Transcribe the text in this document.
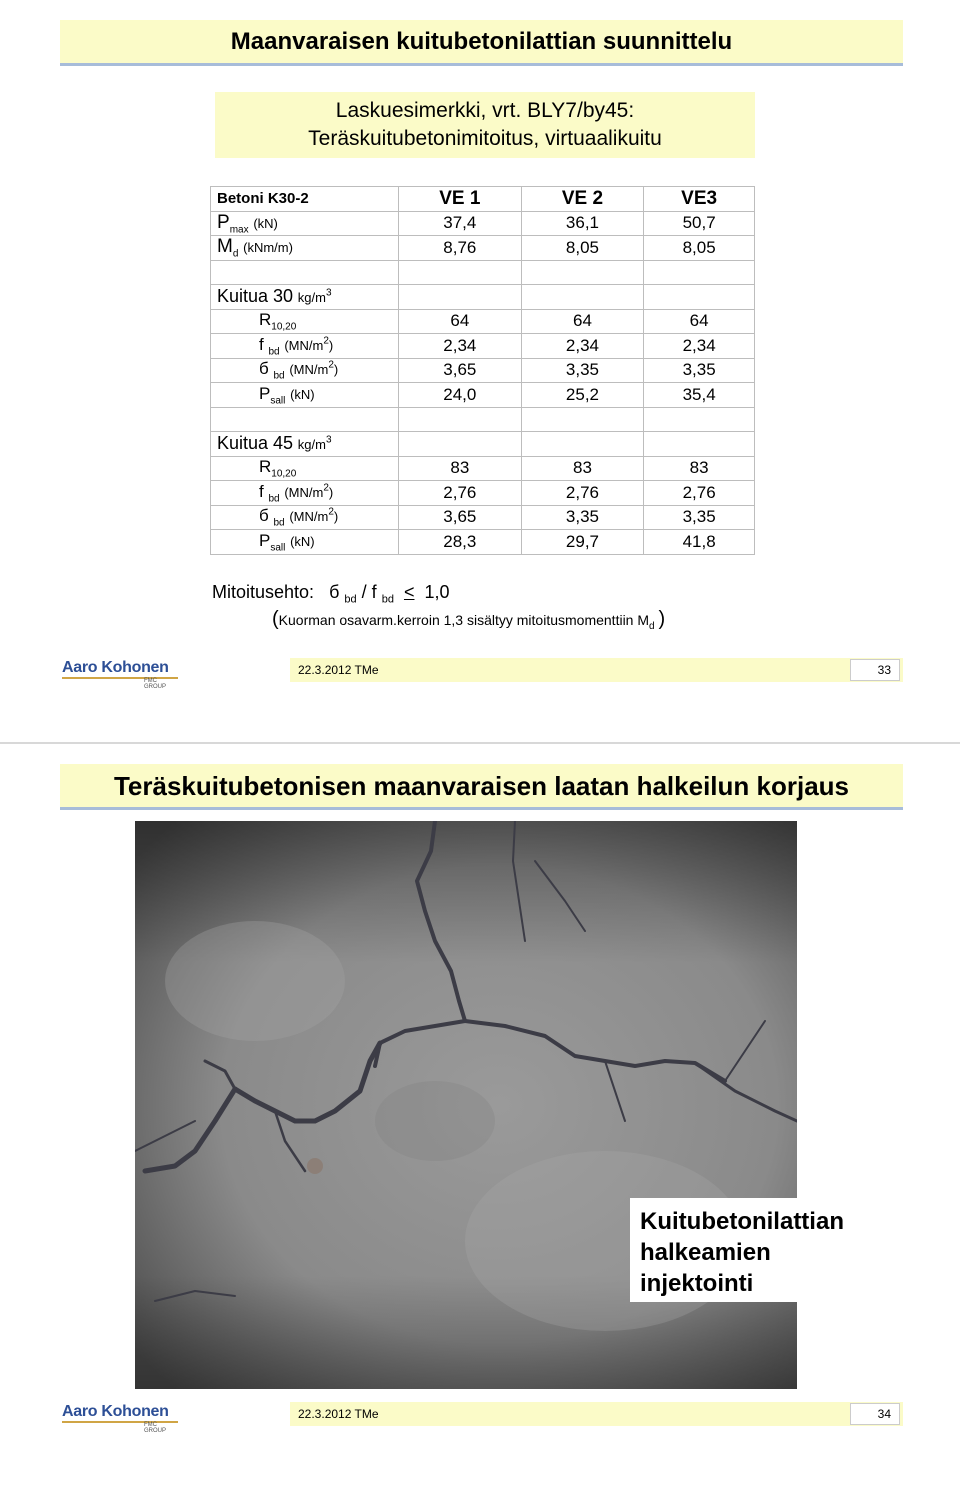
Maanvaraisen kuitubetonilattian suunnittelu
Laskuesimerkki, vrt. BLY7/by45:
Teräskuitubetonimitoitus, virtuaalikuitu
Betoni K30-2	VE 1	VE 2	VE3
$P_{max}$ (kN)	37,4	36,1	50,7
$M_d$ (kNm/m)	8,76	8,05	8,05

Kuitua 30 $kg/m^3$			
$R_{10,20}$	64	64	64
f $_{bd}$ $(MN/m^2)$	2,34	2,34	2,34
б $_{bd}$ $(MN/m^2)$	3,65	3,35	3,35
$P_{sall}$ (kN)	24,0	25,2	35,4

Kuitua 45 $kg/m^3$			
$R_{10,20}$	83	83	83
f $_{bd}$ $(MN/m^2)$	2,76	2,76	2,76
б $_{bd}$ $(MN/m^2)$	3,65	3,35	3,35
$P_{sall}$ (kN)	28,3	29,7	41,8
Mitoitusehto: б $_{bd}$ / f $_{bd}$ < 1,0
(Kuorman osavarm.kerroin 1,3 sisältyy mitoitusmomenttiin $M_d$ )
Aaro Kohonen
FMC GROUP
22.3.2012 TMe	33
Teräskuitubetonisen maanvaraisen laatan halkeilun korjaus
Kuitubetonilattian
halkeamien
injektointi
Aaro Kohonen
FMC GROUP
22.3.2012 TMe	34
